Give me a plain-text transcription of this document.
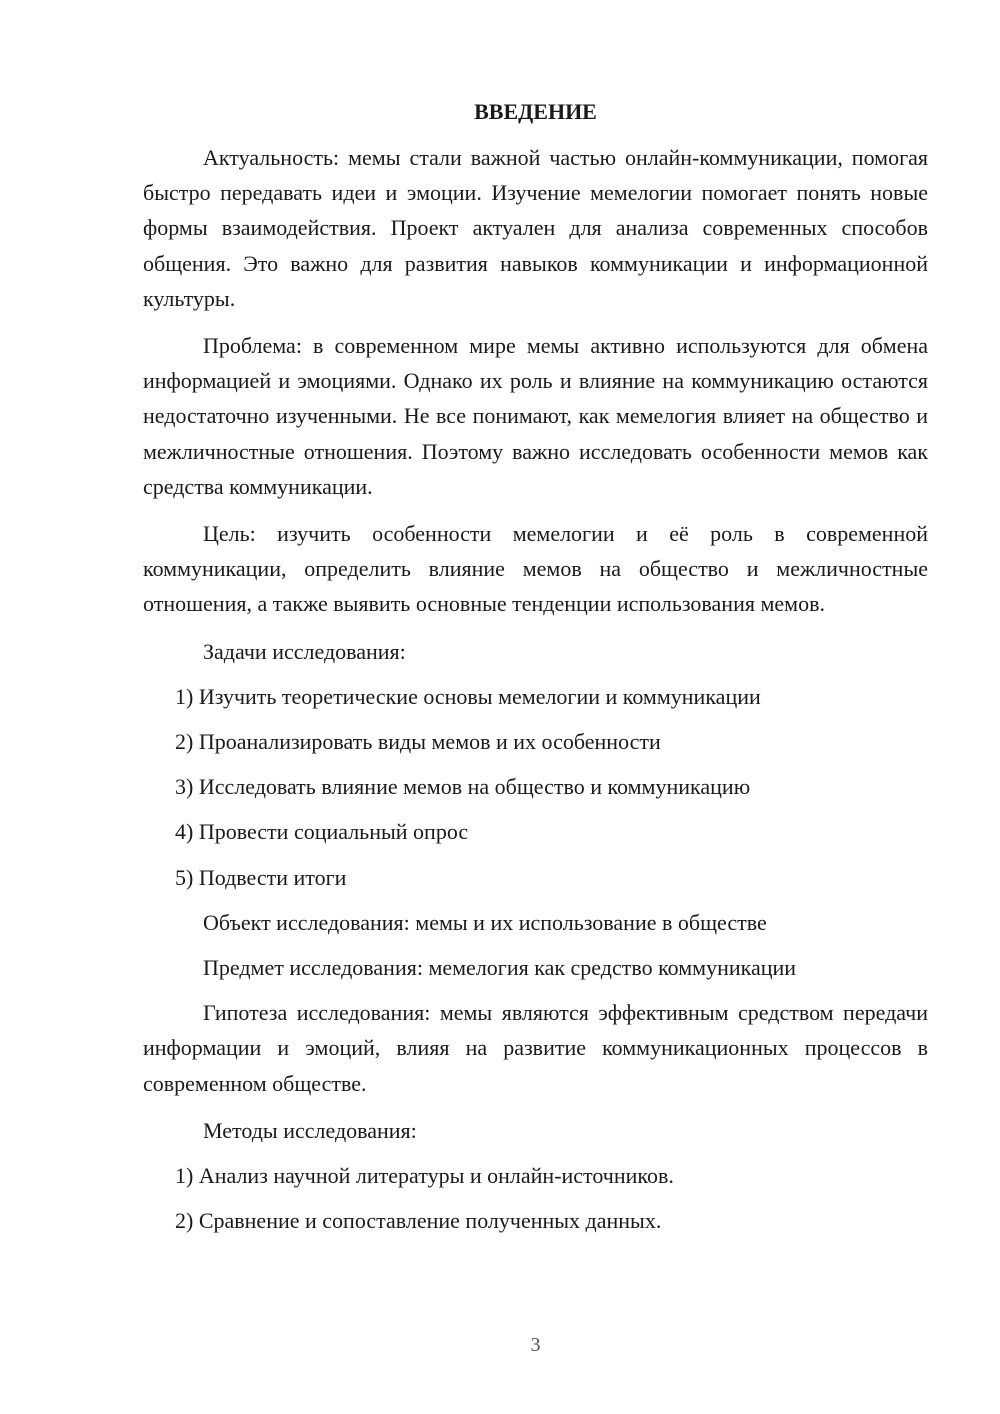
ВВЕДЕНИЕ

Актуальность: мемы стали важной частью онлайн-коммуникации, помогая быстро передавать идеи и эмоции. Изучение мемелогии помогает понять новые формы взаимодействия. Проект актуален для анализа современных способов общения. Это важно для развития навыков коммуникации и информационной культуры.

Проблема: в современном мире мемы активно используются для обмена информацией и эмоциями. Однако их роль и влияние на коммуникацию остаются недостаточно изученными. Не все понимают, как мемелогия влияет на общество и межличностные отношения. Поэтому важно исследовать особенности мемов как средства коммуникации.

Цель: изучить особенности мемелогии и её роль в современной коммуникации, определить влияние мемов на общество и межличностные отношения, а также выявить основные тенденции использования мемов.

Задачи исследования:
1) Изучить теоретические основы мемелогии и коммуникации
2) Проанализировать виды мемов и их особенности
3) Исследовать влияние мемов на общество и коммуникацию
4) Провести социальный опрос
5) Подвести итоги
Объект исследования: мемы и их использование в обществе
Предмет исследования: мемелогия как средство коммуникации

Гипотеза исследования: мемы являются эффективным средством передачи информации и эмоций, влияя на развитие коммуникационных процессов в современном обществе.

Методы исследования:
1) Анализ научной литературы и онлайн-источников.
2) Сравнение и сопоставление полученных данных.
3
